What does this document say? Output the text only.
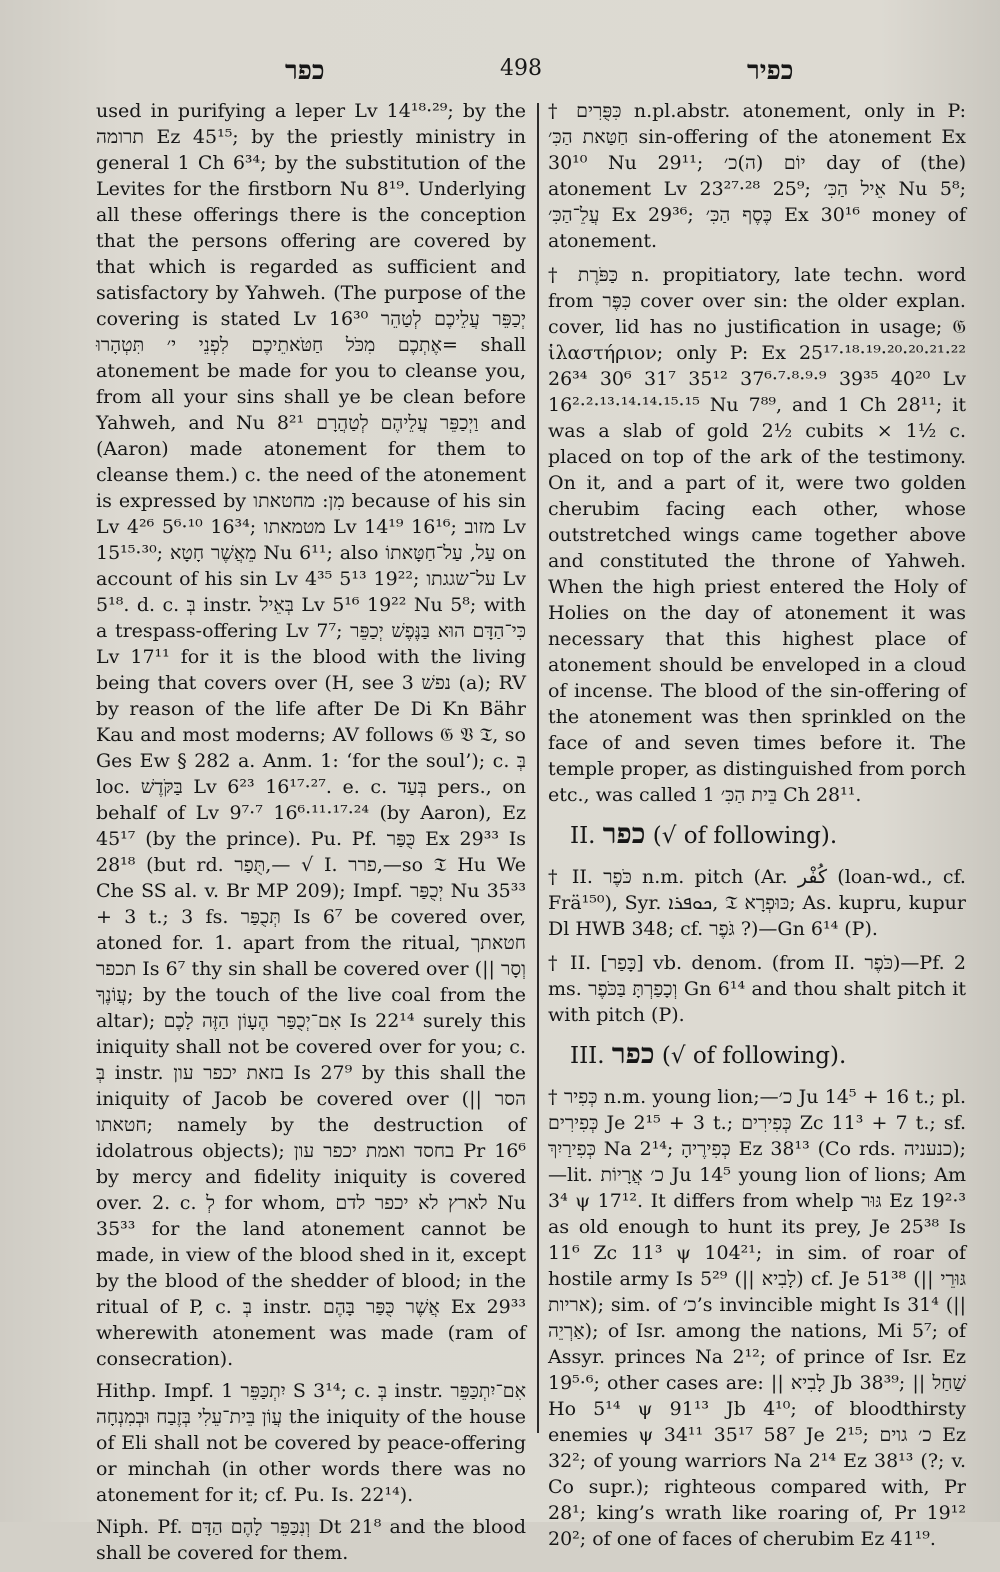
כפר	498	כפיר

used in purifying a leper Lv 14¹⁸·²⁹; by the תרומה Ez 45¹⁵; by the priestly ministry in general 1 Ch 6³⁴; by the substitution of the Levites for the firstborn Nu 8¹⁹. Underlying all these offerings there is the conception that the persons offering are covered by that which is regarded as sufficient and satisfactory by Yahweh. (The purpose of the covering is stated Lv 16³⁰ יְכַפֵּר עֲלֵיכֶם לְטַהֵר אֶתְכֶם מִכֹּל חַטֹּאתֵיכֶם לִפְנֵי י׳ תִּטְהָרוּ= shall atonement be made for you to cleanse you, from all your sins shall ye be clean before Yahweh, and Nu 8²¹ וַיְכַפֵּר עֲלֵיהֶם לְטַהֲרָם and (Aaron) made atonement for them to cleanse them.) c. the need of the atonement is expressed by מִן: מחטאתו because of his sin Lv 4²⁶ 5⁶·¹⁰ 16³⁴; מטמאתו Lv 14¹⁹ 16¹⁶; מזוב Lv 15¹⁵·³⁰; מֵאֲשֶׁר חָטָא Nu 6¹¹; also עַל, עַל־חַטָּאתוֹ on account of his sin Lv 4³⁵ 5¹³ 19²²; על־שגגתו Lv 5¹⁸. d. c. בְּ instr. בְּאֵיל Lv 5¹⁶ 19²² Nu 5⁸; with a trespass-offering Lv 7⁷; כִּי־הַדָּם הוּא בַּנֶּפֶשׁ יְכַפֵּר Lv 17¹¹ for it is the blood with the living being that covers over (H, see נפשׁ 3 (a); RV by reason of the life after De Di Kn Bähr Kau and most moderns; AV follows 𝔊 𝔙 𝔗, so Ges Ew § 282 a. Anm. 1: ‘for the soul’); c. בְּ loc. בַּקֹּדֶשׁ Lv 6²³ 16¹⁷·²⁷. e. c. בְּעַד pers., on behalf of Lv 9⁷·⁷ 16⁶·¹¹·¹⁷·²⁴ (by Aaron), Ez 45¹⁷ (by the prince). Pu. Pf. כֻּפַּר Ex 29³³ Is 28¹⁸ (but rd. תֻּפַר,— √ I. פרר,—so 𝔗 Hu We Che SS al. v. Br MP 209); Impf. יְכֻפַּר Nu 35³³ + 3 t.; 3 fs. תְּכֻפַּר Is 6⁷ be covered over, atoned for. 1. apart from the ritual, חטאתך תכפר Is 6⁷ thy sin shall be covered over (|| וְסָר עֲוֹנֶךָ; by the touch of the live coal from the altar); אִם־יְכֻפַּר הֶעָוֹן הַזֶּה לָכֶם Is 22¹⁴ surely this iniquity shall not be covered over for you; c. בְּ instr. בזאת יכפר עון Is 27⁹ by this shall the iniquity of Jacob be covered over (|| הסר חטאתו; namely by the destruction of idolatrous objects); בחסד ואמת יכפר עון Pr 16⁶ by mercy and fidelity iniquity is covered over. 2. c. לְ for whom, לארץ לא יכפר לדם Nu 35³³ for the land atonement cannot be made, in view of the blood shed in it, except by the blood of the shedder of blood; in the ritual of P, c. בְּ instr. אֲשֶׁר כֻּפַּר בָּהֶם Ex 29³³ wherewith atonement was made (ram of consecration).

Hithp. Impf. יִתְכַּפֵּר 1 S 3¹⁴; c. בְּ instr. אִם־יִתְכַּפֵּר עֲוֹן בֵּית־עֵלִי בְּזֶבַח וּבְמִנְחָה the iniquity of the house of Eli shall not be covered by peace-offering or minchah (in other words there was no atonement for it; cf. Pu. Is. 22¹⁴).

Niph. Pf. וְנִכַּפֵּר לָהֶם הַדָּם Dt 21⁸ and the blood shall be covered for them.

† כִּפֻּרִים n.pl.abstr. atonement, only in P: חַטַּאת הַכִּ׳ sin-offering of the atonement Ex 30¹⁰ Nu 29¹¹; יוֹם (ה)כ׳ day of (the) atonement Lv 23²⁷·²⁸ 25⁹; אֵיל הַכִּ׳ Nu 5⁸; עֲלֵ־הַכִּ׳ Ex 29³⁶; כֶּסֶף הַכִּ׳ Ex 30¹⁶ money of atonement.

† כַּפֹּרֶת n. propitiatory, late techn. word from כִּפֶּר cover over sin: the older explan. cover, lid has no justification in usage; 𝔊 ἱλαστήριον; only P: Ex 25¹⁷·¹⁸·¹⁹·²⁰·²⁰·²¹·²² 26³⁴ 30⁶ 31⁷ 35¹² 37⁶·⁷·⁸·⁹·⁹ 39³⁵ 40²⁰ Lv 16²·²·¹³·¹⁴·¹⁴·¹⁵·¹⁵ Nu 7⁸⁹, and 1 Ch 28¹¹; it was a slab of gold 2½ cubits × 1½ c. placed on top of the ark of the testimony. On it, and a part of it, were two golden cherubim facing each other, whose outstretched wings came together above and constituted the throne of Yahweh. When the high priest entered the Holy of Holies on the day of atonement it was necessary that this highest place of atonement should be enveloped in a cloud of incense. The blood of the sin-offering of the atonement was then sprinkled on the face of and seven times before it. The temple proper, as distinguished from porch etc., was called בֵּית הַכִּ׳ 1 Ch 28¹¹.

II. כפר (√ of following).

† II. כֹּפֶר n.m. pitch (Ar. كُفْر (loan-wd., cf. Frä¹⁵⁰), Syr. ܟܘܦܪܐ, 𝔗 כּוּפְרָא; As. kupru, kupur Dl HWB 348; cf. גֹּפֶר ?)—Gn 6¹⁴ (P).

† II. [כָּפַר] vb. denom. (from II. כֹּפֶר)—Pf. 2 ms. וְכָפַרְתָּ בַּכֹּפֶר Gn 6¹⁴ and thou shalt pitch it with pitch (P).

III. כפר (√ of following).

† כְּפִיר n.m. young lion;—כ׳ Ju 14⁵ + 16 t.; pl. כְּפִירִים Je 2¹⁵ + 3 t.; כְּפִירִים Zc 11³ + 7 t.; sf. כְּפִירַיִךְ Na 2¹⁴; כְּפִירֶיהָ Ez 38¹³ (Co rds. כנעניה);—lit. כ׳ אֲרָיוֹת Ju 14⁵ young lion of lions; Am 3⁴ ψ 17¹². It differs from whelp גּוּר Ez 19²·³ as old enough to hunt its prey, Je 25³⁸ Is 11⁶ Zc 11³ ψ 104²¹; in sim. of roar of hostile army Is 5²⁹ (|| לָבִיא) cf. Je 51³⁸ (|| גּוּרֵי אריות); sim. of כ׳’s invincible might Is 31⁴ (|| אַרְיֵה); of Isr. among the nations, Mi 5⁷; of Assyr. princes Na 2¹²; of prince of Isr. Ez 19⁵·⁶; other cases are: || לָבִיא Jb 38³⁹; || שַׁחַל Ho 5¹⁴ ψ 91¹³ Jb 4¹⁰; of bloodthirsty enemies ψ 34¹¹ 35¹⁷ 58⁷ Je 2¹⁵; כ׳ גוים Ez 32²; of young warriors Na 2¹⁴ Ez 38¹³ (?; v. Co supr.); righteous compared with, Pr 28¹; king’s wrath like roaring of, Pr 19¹² 20²; of one of faces of cherubim Ez 41¹⁹.
